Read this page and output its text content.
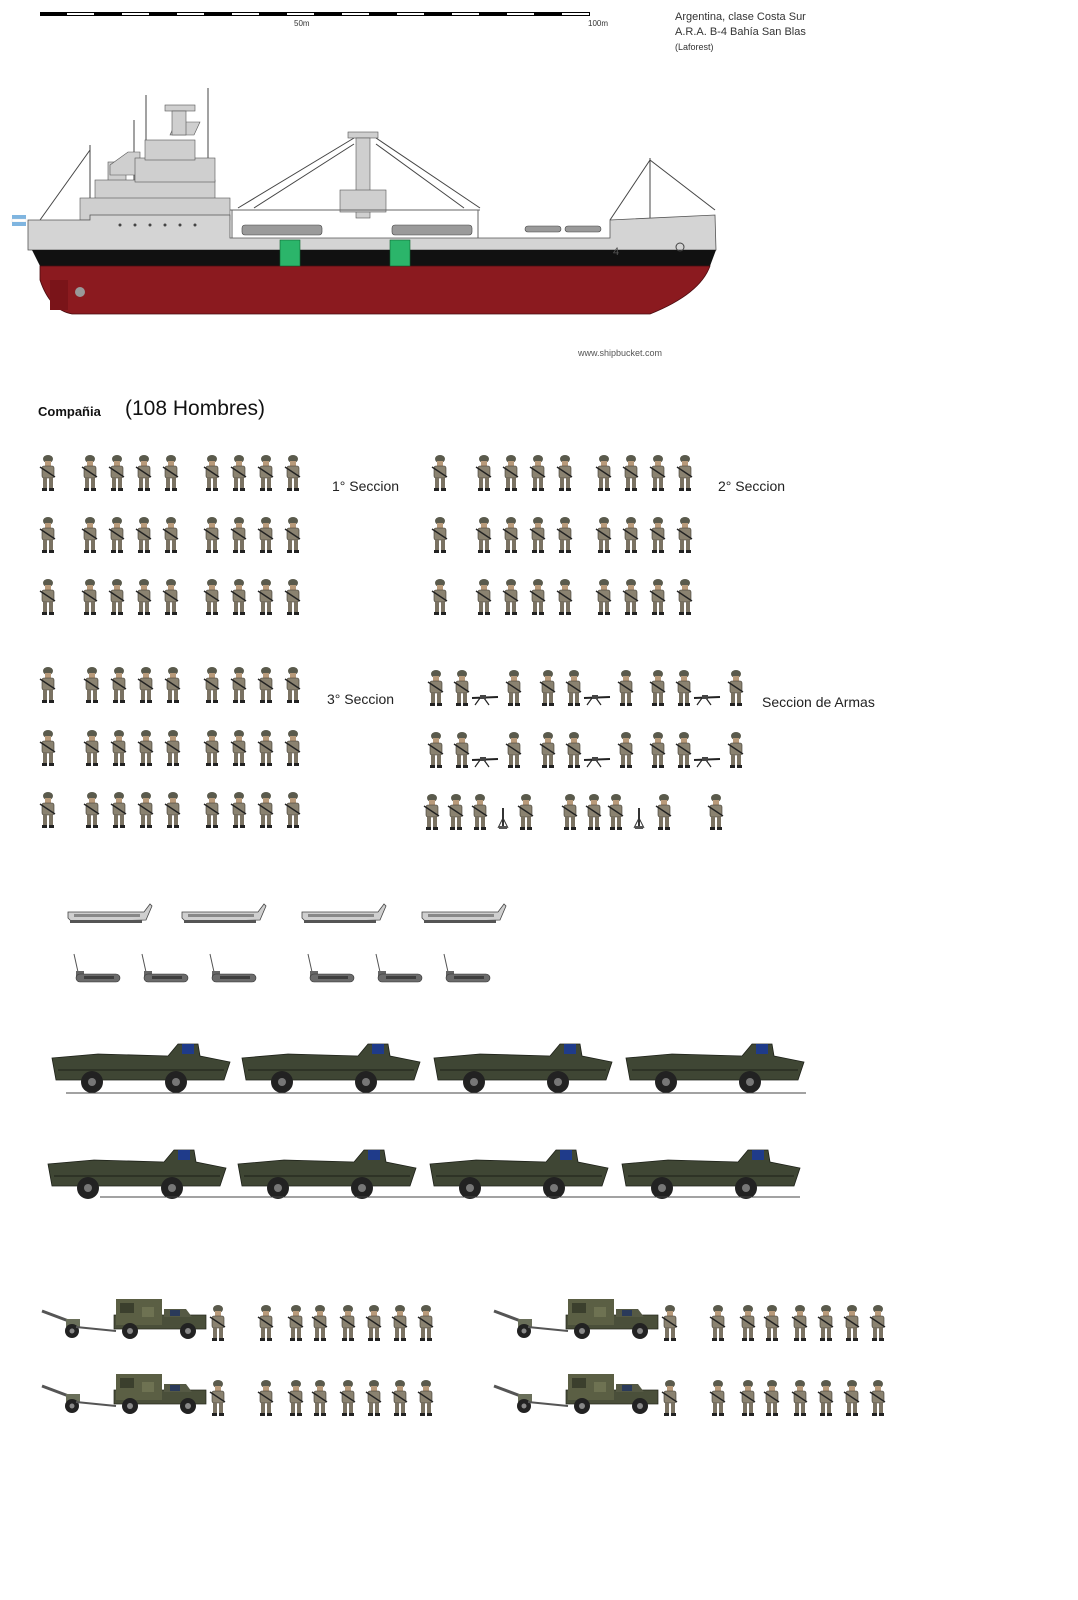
50m	100m
Argentina, clase Costa Sur
A.R.A. B-4 Bahía San Blas
(Laforest)
4
www.shipbucket.com
Compañia (108 Hombres)
1° Seccion	2° Seccion
3° Seccion	Seccion de Armas
